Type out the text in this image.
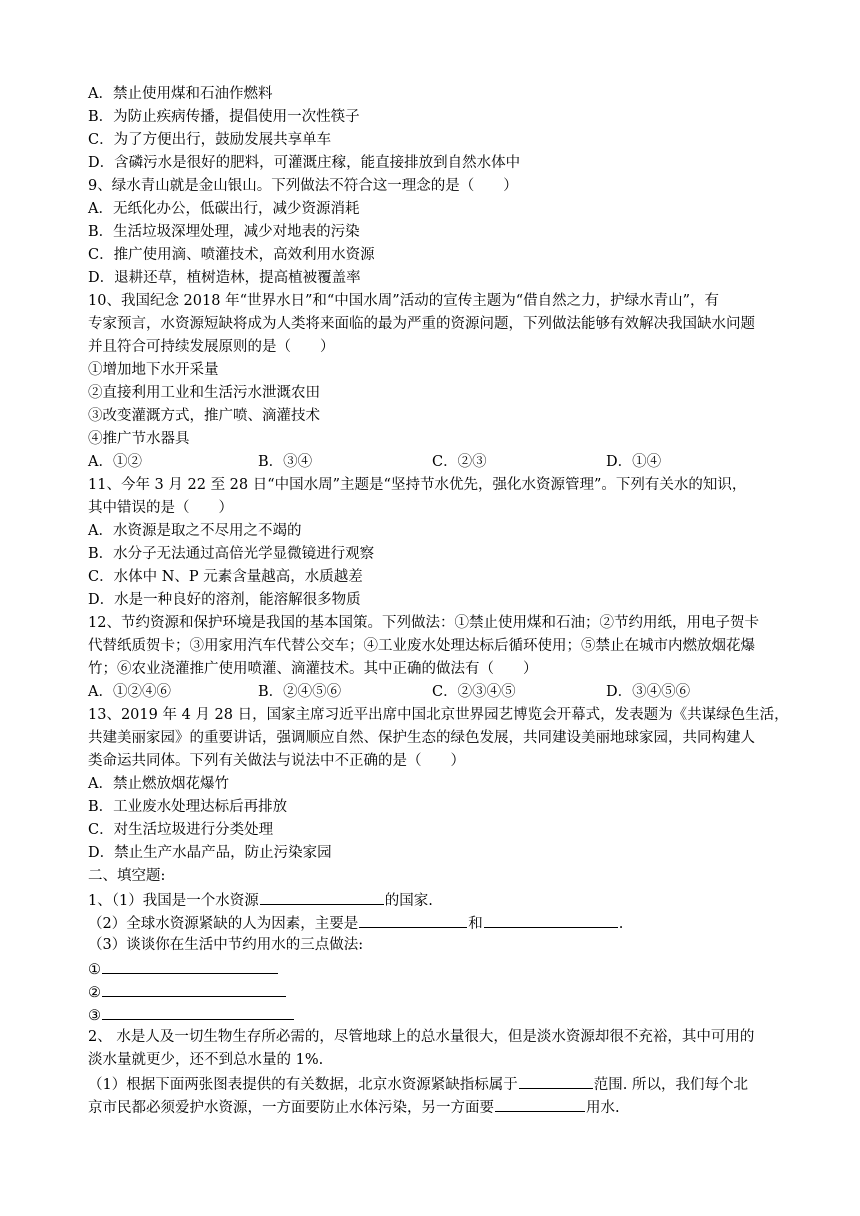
A．禁止使用煤和石油作燃料
B．为防止疾病传播，提倡使用一次性筷子
C．为了方便出行，鼓励发展共享单车
D．含磷污水是很好的肥料，可灌溉庄稼，能直接排放到自然水体中
9、绿水青山就是金山银山。下列做法不符合这一理念的是（　　）
A．无纸化办公，低碳出行，减少资源消耗
B．生活垃圾深埋处理，减少对地表的污染
C．推广使用滴、喷灌技术，高效利用水资源
D．退耕还草，植树造林，提高植被覆盖率
10、我国纪念 2018 年“世界水日”和“中国水周”活动的宣传主题为“借自然之力，护绿水青山”，有
专家预言，水资源短缺将成为人类将来面临的最为严重的资源问题，下列做法能够有效解决我国缺水问题
并且符合可持续发展原则的是（　　）
①增加地下水开采量
②直接利用工业和生活污水泄溉农田
③改变灌溉方式，推广喷、滴灌技术
④推广节水器具
A．①②	B．③④	C．②③	D．①④
11、今年 3 月 22 至 28 日“中国水周”主题是“坚持节水优先，强化水资源管理”。下列有关水的知识，
其中错误的是（　　）
A．水资源是取之不尽用之不竭的
B．水分子无法通过高倍光学显微镜进行观察
C．水体中 N、P 元素含量越高，水质越差
D．水是一种良好的溶剂，能溶解很多物质
12、节约资源和保护环境是我国的基本国策。下列做法：①禁止使用煤和石油；②节约用纸，用电子贺卡
代替纸质贺卡；③用家用汽车代替公交车；④工业废水处理达标后循环使用；⑤禁止在城市内燃放烟花爆
竹；⑥农业浇灌推广使用喷灌、滴灌技术。其中正确的做法有（　　）
A．①②④⑥	B．②④⑤⑥	C．②③④⑤	D．③④⑤⑥
13、2019 年 4 月 28 日，国家主席习近平出席中国北京世界园艺博览会开幕式，发表题为《共谋绿色生活，
共建美丽家园》的重要讲话，强调顺应自然、保护生态的绿色发展，共同建设美丽地球家园，共同构建人
类命运共同体。下列有关做法与说法中不正确的是（　　）
A．禁止燃放烟花爆竹
B．工业废水处理达标后再排放
C．对生活垃圾进行分类处理
D．禁止生产水晶产品，防止污染家园
二、填空题:
1、（1）我国是一个水资源	的国家.
（2）全球水资源紧缺的人为因素，主要是	和	.
（3）谈谈你在生活中节约用水的三点做法:
①
②
③
2、 水是人及一切生物生存所必需的，尽管地球上的总水量很大，但是淡水资源却很不充裕，其中可用的
淡水量就更少，还不到总水量的 1%.
（1）根据下面两张图表提供的有关数据，北京水资源紧缺指标属于	范围. 所以，我们每个北
京市民都必须爱护水资源，一方面要防止水体污染，另一方面要	用水.
